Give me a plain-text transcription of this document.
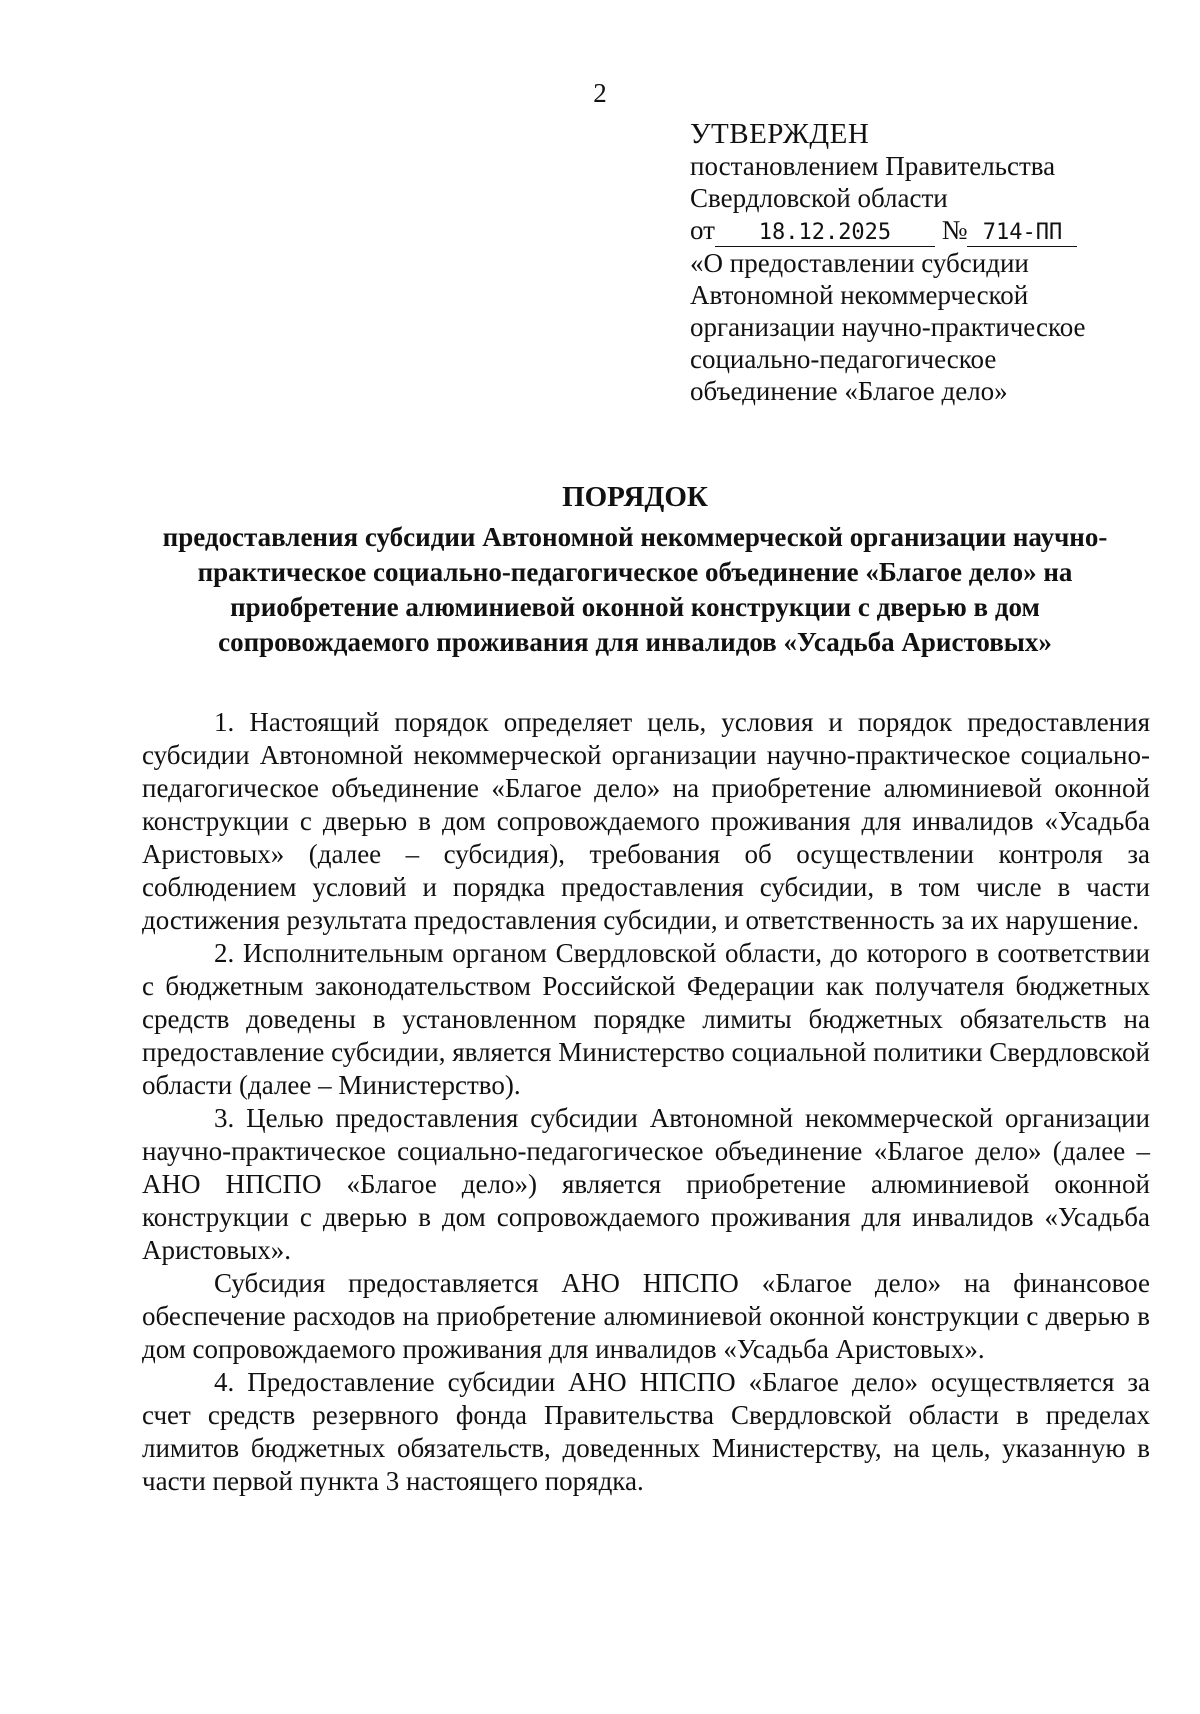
2
УТВЕРЖДЕН
постановлением Правительства
Свердловской области
от 18.12.2025 № 714-ПП
«О предоставлении субсидии
Автономной некоммерческой
организации научно-практическое
социально-педагогическое
объединение «Благое дело»
ПОРЯДОК
предоставления субсидии Автономной некоммерческой организации научно-практическое социально-педагогическое объединение «Благое дело» на приобретение алюминиевой оконной конструкции с дверью в дом сопровождаемого проживания для инвалидов «Усадьба Аристовых»

1. Настоящий порядок определяет цель, условия и порядок предоставления субсидии Автономной некоммерческой организации научно-практическое социально-педагогическое объединение «Благое дело» на приобретение алюминиевой оконной конструкции с дверью в дом сопровождаемого проживания для инвалидов «Усадьба Аристовых» (далее – субсидия), требования об осуществлении контроля за соблюдением условий и порядка предоставления субсидии, в том числе в части достижения результата предоставления субсидии, и ответственность за их нарушение.

2. Исполнительным органом Свердловской области, до которого в соответствии с бюджетным законодательством Российской Федерации как получателя бюджетных средств доведены в установленном порядке лимиты бюджетных обязательств на предоставление субсидии, является Министерство социальной политики Свердловской области (далее – Министерство).

3. Целью предоставления субсидии Автономной некоммерческой организации научно-практическое социально-педагогическое объединение «Благое дело» (далее – АНО НПСПО «Благое дело») является приобретение алюминиевой оконной конструкции с дверью в дом сопровождаемого проживания для инвалидов «Усадьба Аристовых».

Субсидия предоставляется АНО НПСПО «Благое дело» на финансовое обеспечение расходов на приобретение алюминиевой оконной конструкции с дверью в дом сопровождаемого проживания для инвалидов «Усадьба Аристовых».

4. Предоставление субсидии АНО НПСПО «Благое дело» осуществляется за счет средств резервного фонда Правительства Свердловской области в пределах лимитов бюджетных обязательств, доведенных Министерству, на цель, указанную в части первой пункта 3 настоящего порядка.
